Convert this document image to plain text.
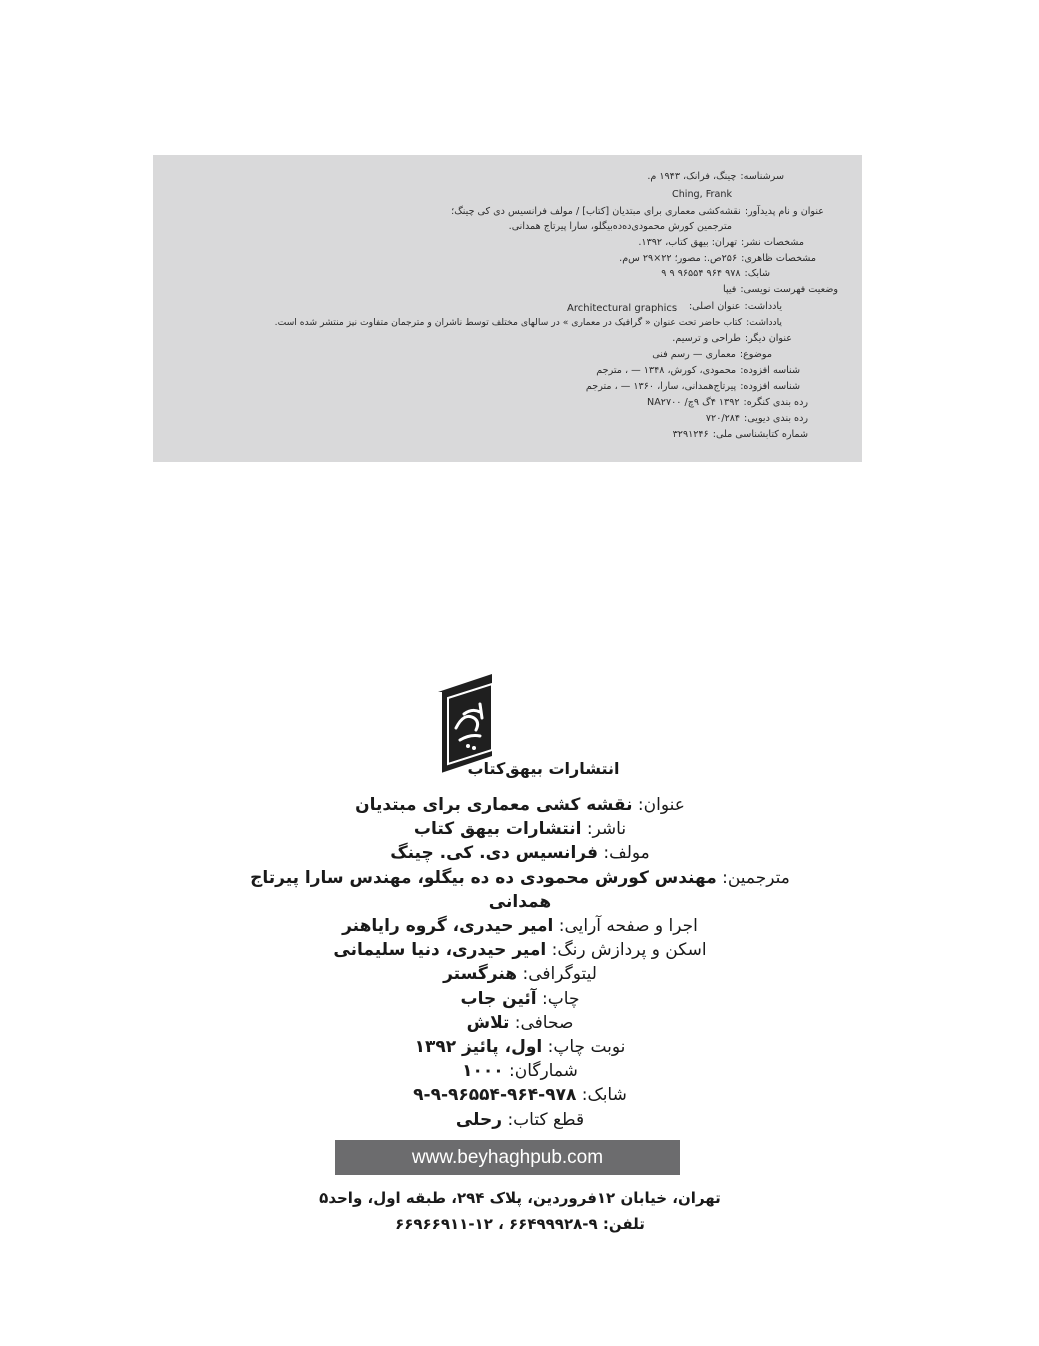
سرشناسه:چینگ، فرانک، ۱۹۴۳ م.
Ching, Frank
عنوان و نام پدیدآور:نقشه‌کشی معماری برای مبتدیان [کتاب] / مولف فرانسیس دی کی چینگ؛
مترجمین کورش محمودی‌ده‌ده‌بیگلو، سارا پیرتاج همدانی.
مشخصات نشر:تهران: بیهق کتاب، ۱۳۹۲.
مشخصات ظاهری:۲۵۶ص.: مصور؛ ۲۲×۲۹ س‌م.
شابک:۹۷۸ ۹۶۴ ۹۶۵۵۴ ۹ ۹
وضعیت فهرست نویسی:فیپا
یادداشت:عنوان اصلی:
Architectural graphics
یادداشت:کتاب حاضر تحت عنوان « گرافیک در معماری » در سالهای مختلف توسط ناشران و مترجمان متفاوت نیز منتشر شده است.
عنوان دیگر:طراحی و ترسیم.
موضوع:معماری — رسم فنی
شناسه افزوده:محمودی، کورش، ۱۳۴۸ — ، مترجم
شناسه افزوده:پیرتاج‌همدانی، سارا، ۱۳۶۰ — ، مترجم
رده بندی کنگره:۱۳۹۲ ۴گ ۹چ/ NA۲۷۰۰
رده بندی دیویی:۷۲۰/۲۸۴
شماره کتابشناسی ملی:۳۲۹۱۲۴۶
انتشارات بیهق‌کتاب
عنوان: نقشه کشی معماری برای مبتدیان
ناشر: انتشارات بیهق کتاب
مولف: فرانسیس دی. کی. چینگ
مترجمین: مهندس کورش محمودی ده ده بیگلو، مهندس سارا پیرتاج همدانی
اجرا و صفحه آرایی: امیر حیدری، گروه رایاهنر
اسکن و پردازش رنگ: امیر حیدری، دنیا سلیمانی
لیتوگرافی: هنرگستر
چاپ: آئین جاب
صحافی: تلاش
نوبت چاپ: اول، پائیز ۱۳۹۲
شمارگان: ۱۰۰۰
شابک: ۹۷۸-۹۶۴-۹۶۵۵۴-۹-۹
قطع کتاب: رحلی
www.beyhaghpub.com
تهران، خیابان ۱۲فروردین، پلاک ۲۹۴، طبقه اول، واحد۵
تلفن: ۹-۶۶۴۹۹۹۲۸ ، ۱۲-۶۶۹۶۶۹۱۱
